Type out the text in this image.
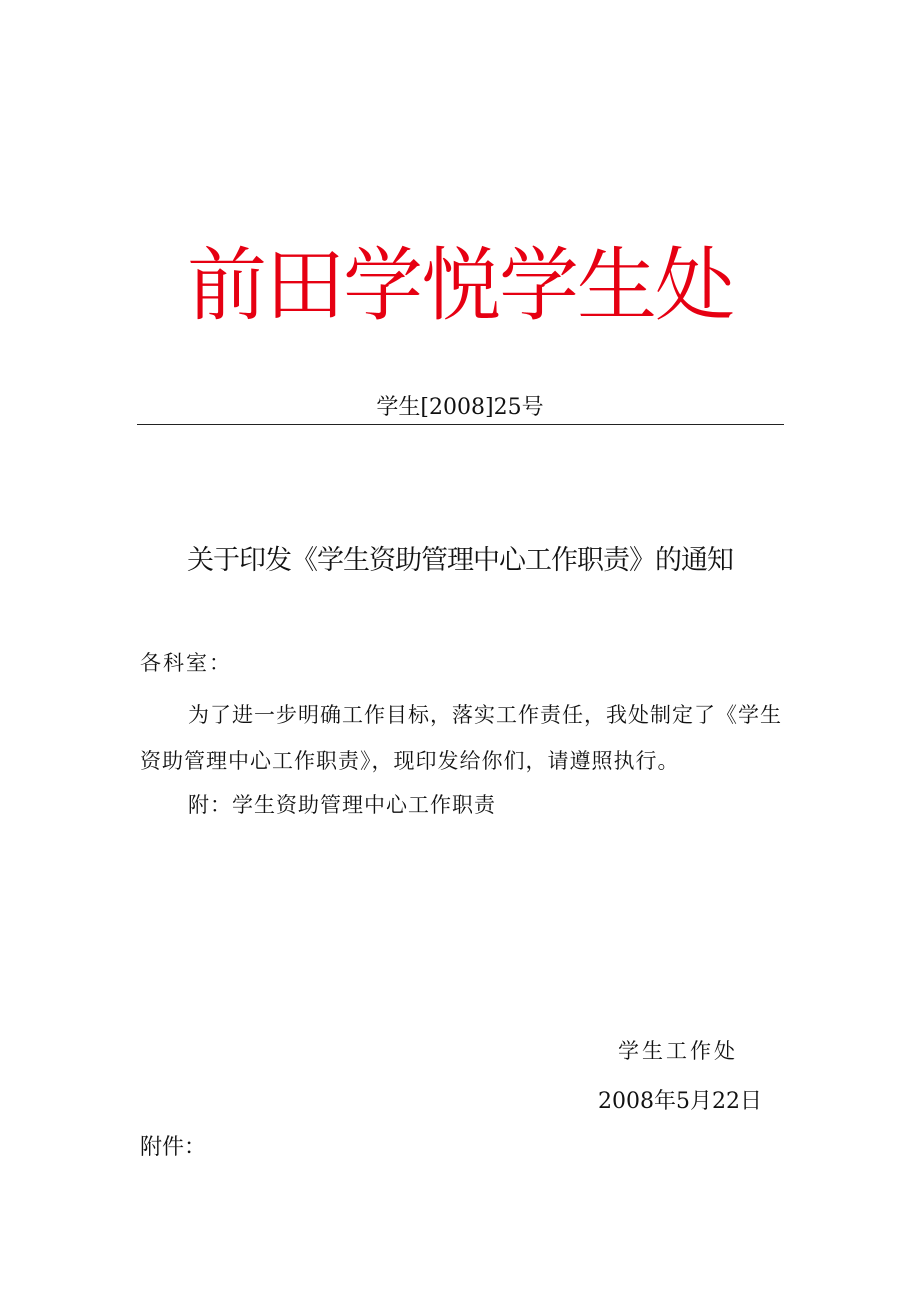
前田学悦学生处
学生[2008]25号
关于印发《学生资助管理中心工作职责》的通知
各科室：
为了进一步明确工作目标，落实工作责任，我处制定了《学生资助管理中心工作职责》，现印发给你们，请遵照执行。
附：学生资助管理中心工作职责
学生工作处
2008年5月22日
附件：
